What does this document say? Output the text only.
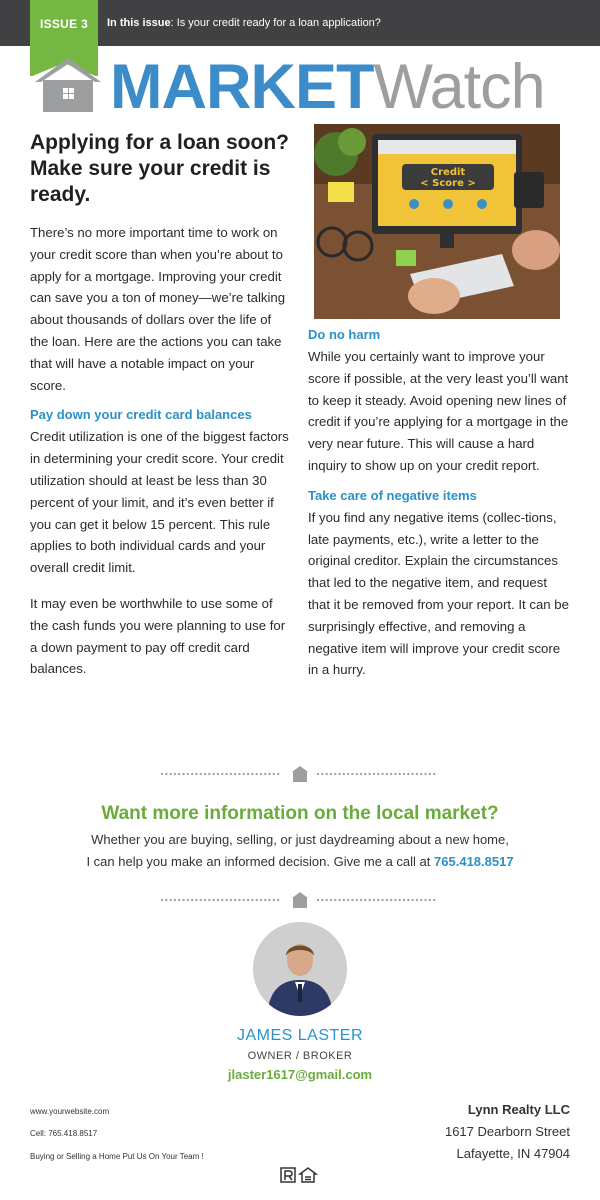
In this issue: Is your credit ready for a loan application?
ISSUE 3
MARKETWatch
Applying for a loan soon? Make sure your credit is ready.

There’s no more important time to work on your credit score than when you’re about to apply for a mortgage. Improving your credit can save you a ton of money—we’re talking about thousands of dollars over the life of the loan. Here are the actions you can take that will have a notable impact on your score.

Pay down your credit card balances

Credit utilization is one of the biggest factors in determining your credit score. Your credit utilization should at least be less than 30 percent of your limit, and it’s even better if you can get it below 15 percent. This rule applies to both individual cards and your overall credit limit.

It may even be worthwhile to use some of the cash funds you were planning to use for a down payment to pay off credit card balances.

Credit
< Score >
Do no harm

While you certainly want to improve your score if possible, at the very least you’ll want to keep it steady. Avoid opening new lines of credit if you’re applying for a mortgage in the very near future. This will cause a hard inquiry to show up on your credit report.

Take care of negative items

If you find any negative items (collec-tions, late payments, etc.), write a letter to the original creditor. Explain the circumstances that led to the negative item, and request that it be removed from your report. It can be surprisingly effective, and removing a negative item will improve your credit score in a hurry.

Want more information on the local market?
Whether you are buying, selling, or just daydreaming about a new home,
I can help you make an informed decision. Give me a call at 765.418.8517
JAMES LASTER
OWNER / BROKER
jlaster1617@gmail.com
www.yourwebsite.com
Cell: 765.418.8517
Buying or Selling a Home Put Us On Your Team !
Lynn Realty LLC
1617 Dearborn Street
Lafayette, IN 47904
